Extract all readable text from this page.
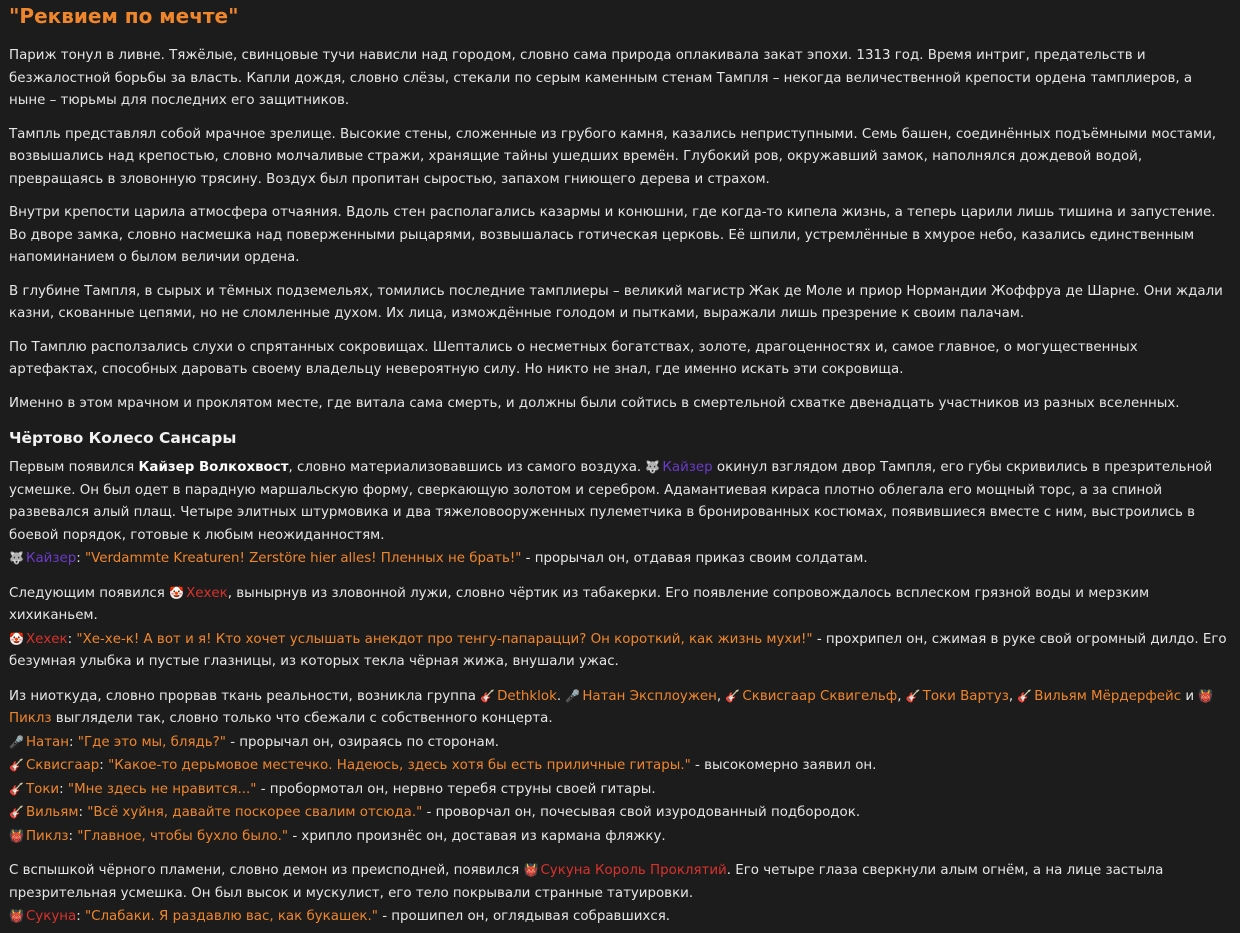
"Реквием по мечте"

Париж тонул в ливне. Тяжёлые, свинцовые тучи нависли над городом, словно сама природа оплакивала закат эпохи. 1313 год. Время интриг, предательств и безжалостной борьбы за власть. Капли дождя, словно слёзы, стекали по серым каменным стенам Тампля – некогда величественной крепости ордена тамплиеров, а ныне – тюрьмы для последних его защитников.

Тампль представлял собой мрачное зрелище. Высокие стены, сложенные из грубого камня, казались неприступными. Семь башен, соединённых подъёмными мостами, возвышались над крепостью, словно молчаливые стражи, хранящие тайны ушедших времён. Глубокий ров, окружавший замок, наполнялся дождевой водой, превращаясь в зловонную трясину. Воздух был пропитан сыростью, запахом гниющего дерева и страхом.

Внутри крепости царила атмосфера отчаяния. Вдоль стен располагались казармы и конюшни, где когда-то кипела жизнь, а теперь царили лишь тишина и запустение. Во дворе замка, словно насмешка над поверженными рыцарями, возвышалась готическая церковь. Её шпили, устремлённые в хмурое небо, казались единственным напоминанием о былом величии ордена.

В глубине Тампля, в сырых и тёмных подземельях, томились последние тамплиеры – великий магистр Жак де Моле и приор Нормандии Жоффруа де Шарне. Они ждали казни, скованные цепями, но не сломленные духом. Их лица, измождённые голодом и пытками, выражали лишь презрение к своим палачам.

По Тамплю расползались слухи о спрятанных сокровищах. Шептались о несметных богатствах, золоте, драгоценностях и, самое главное, о могущественных артефактах, способных даровать своему владельцу невероятную силу. Но никто не знал, где именно искать эти сокровища.

Именно в этом мрачном и проклятом месте, где витала сама смерть, и должны были сойтись в смертельной схватке двенадцать участников из разных вселенных.

Чёртово Колесо Сансары
Первым появился Кайзер Волкохвост, словно материализовавшись из самого воздуха. 🐺 Кайзер окинул взглядом двор Тампля, его губы скривились в презрительной усмешке. Он был одет в парадную маршальскую форму, сверкающую золотом и серебром. Адамантиевая кираса плотно облегала его мощный торс, а за спиной развевался алый плащ. Четыре элитных штурмовика и два тяжеловооруженных пулеметчика в бронированных костюмах, появившиеся вместе с ним, выстроились в боевой порядок, готовые к любым неожиданностям.
🐺 Кайзер: "Verdammte Kreaturen! Zerstöre hier alles! Пленных не брать!" - прорычал он, отдавая приказ своим солдатам.
Следующим появился 🤡 Хехек, вынырнув из зловонной лужи, словно чёртик из табакерки. Его появление сопровождалось всплеском грязной воды и мерзким хихиканьем.
🤡 Хехек: "Хе-хе-к! А вот и я! Кто хочет услышать анекдот про тенгу-папарацци? Он короткий, как жизнь мухи!" - прохрипел он, сжимая в руке свой огромный дилдо. Его безумная улыбка и пустые глазницы, из которых текла чёрная жижа, внушали ужас.
Из ниоткуда, словно прорвав ткань реальности, возникла группа 🎸 Dethklok. 🎤 Натан Эксплоужен, 🎸 Сквисгаар Сквигельф, 🎸 Токи Вартуз, 🎸 Вильям Мёрдерфейс и 👹Пиклз выглядели так, словно только что сбежали с собственного концерта.
🎤 Натан: "Где это мы, блядь?" - прорычал он, озираясь по сторонам.
🎸 Сквисгаар: "Какое-то дерьмовое местечко. Надеюсь, здесь хотя бы есть приличные гитары." - высокомерно заявил он.
🎸 Токи: "Мне здесь не нравится..." - пробормотал он, нервно теребя струны своей гитары.
🎸 Вильям: "Всё хуйня, давайте поскорее свалим отсюда." - проворчал он, почесывая свой изуродованный подбородок.
👹 Пиклз: "Главное, чтобы бухло было." - хрипло произнёс он, доставая из кармана фляжку.
С вспышкой чёрного пламени, словно демон из преисподней, появился 👹 Сукуна Король Проклятий. Его четыре глаза сверкнули алым огнём, а на лице застыла презрительная усмешка. Он был высок и мускулист, его тело покрывали странные татуировки.
👹 Сукуна: "Слабаки. Я раздавлю вас, как букашек." - прошипел он, оглядывая собравшихся.
